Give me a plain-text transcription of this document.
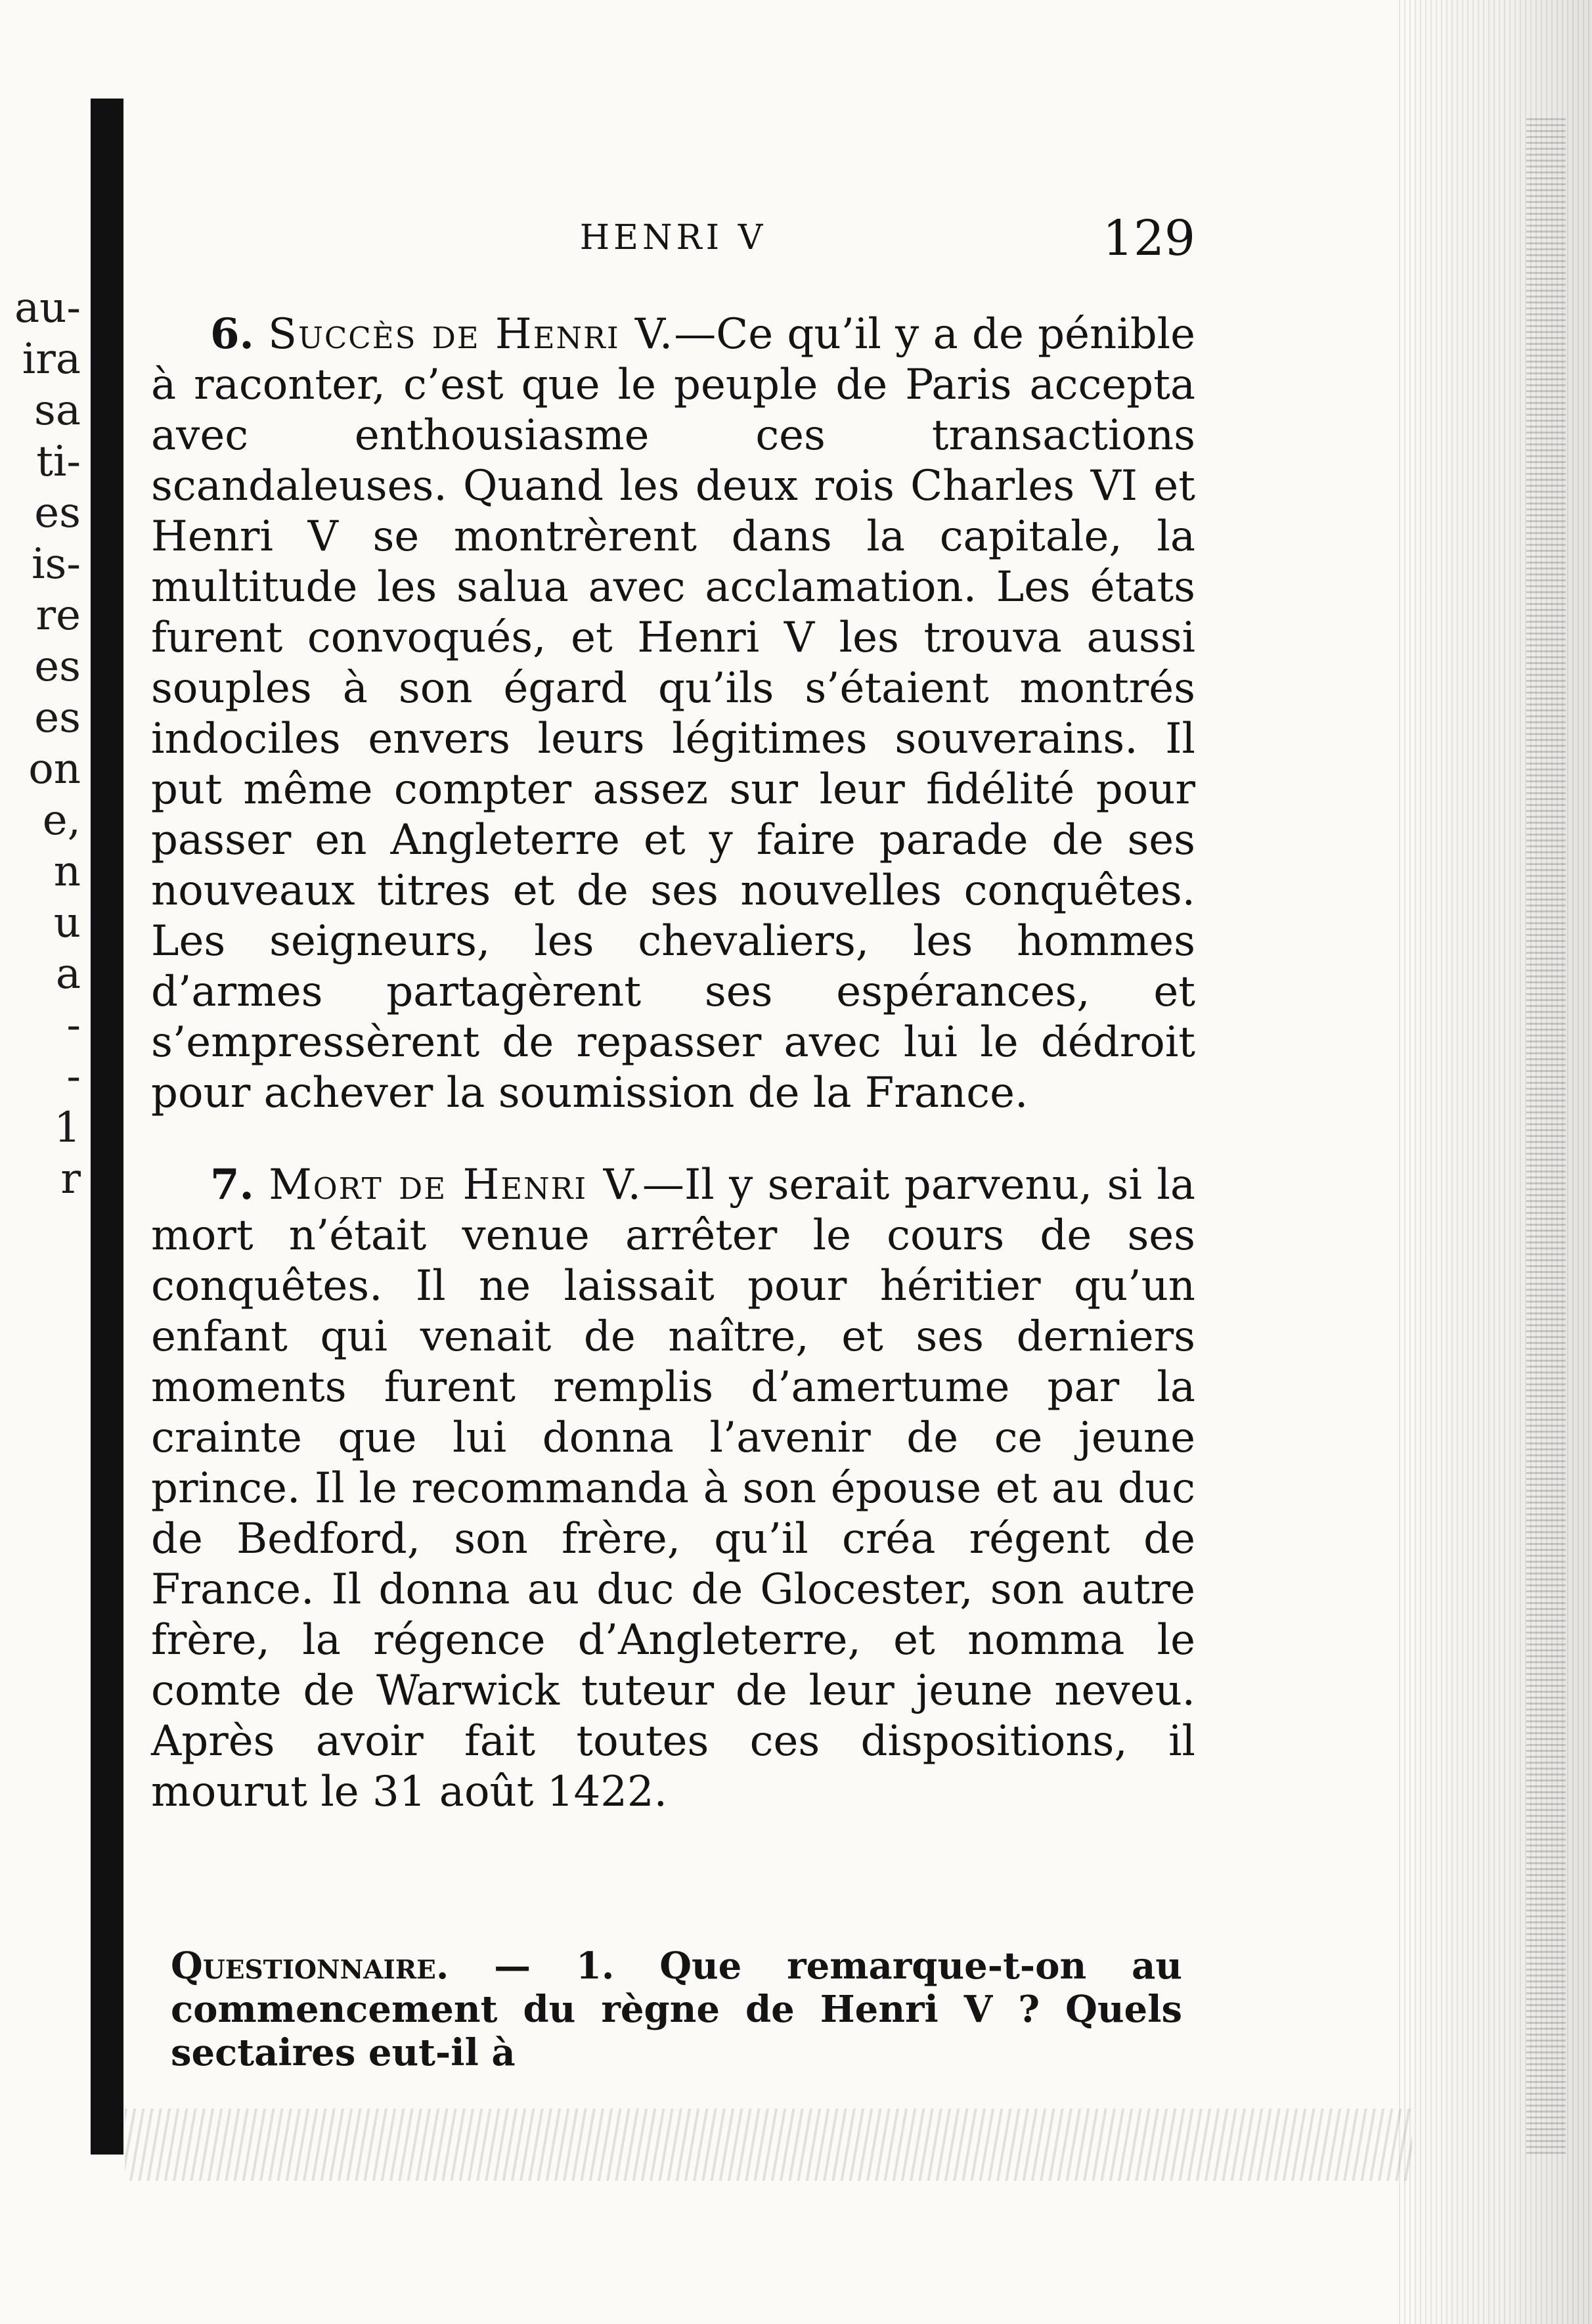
au-
ira
sa
ti-
es
is-
re
es
es
on
e,
n
u
a
-
-
1
r
HENRI V	129

6. Succès de Henri V.—Ce qu’il y a de pénible à raconter, c’est que le peuple de Paris accepta avec enthousiasme ces transactions scandaleuses. Quand les deux rois Charles VI et Henri V se montrèrent dans la capitale, la multitude les salua avec acclamation. Les états furent convoqués, et Henri V les trouva aussi souples à son égard qu’ils s’étaient montrés indociles envers leurs légitimes souverains. Il put même compter assez sur leur fidélité pour passer en Angleterre et y faire parade de ses nouveaux titres et de ses nouvelles conquêtes. Les seigneurs, les chevaliers, les hommes d’armes partagèrent ses espérances, et s’empressèrent de repasser avec lui le dédroit pour achever la soumission de la France.

7. Mort de Henri V.—Il y serait parvenu, si la mort n’était venue arrêter le cours de ses conquêtes. Il ne laissait pour héritier qu’un enfant qui venait de naître, et ses derniers moments furent remplis d’amertume par la crainte que lui donna l’avenir de ce jeune prince. Il le recommanda à son épouse et au duc de Bedford, son frère, qu’il créa régent de France. Il donna au duc de Glocester, son autre frère, la régence d’Angleterre, et nomma le comte de Warwick tuteur de leur jeune neveu. Après avoir fait toutes ces dispositions, il mourut le 31 août 1422.

Questionnaire. — 1. Que remarque-t-on au commencement du règne de Henri V ? Quels sectaires eut-il à
